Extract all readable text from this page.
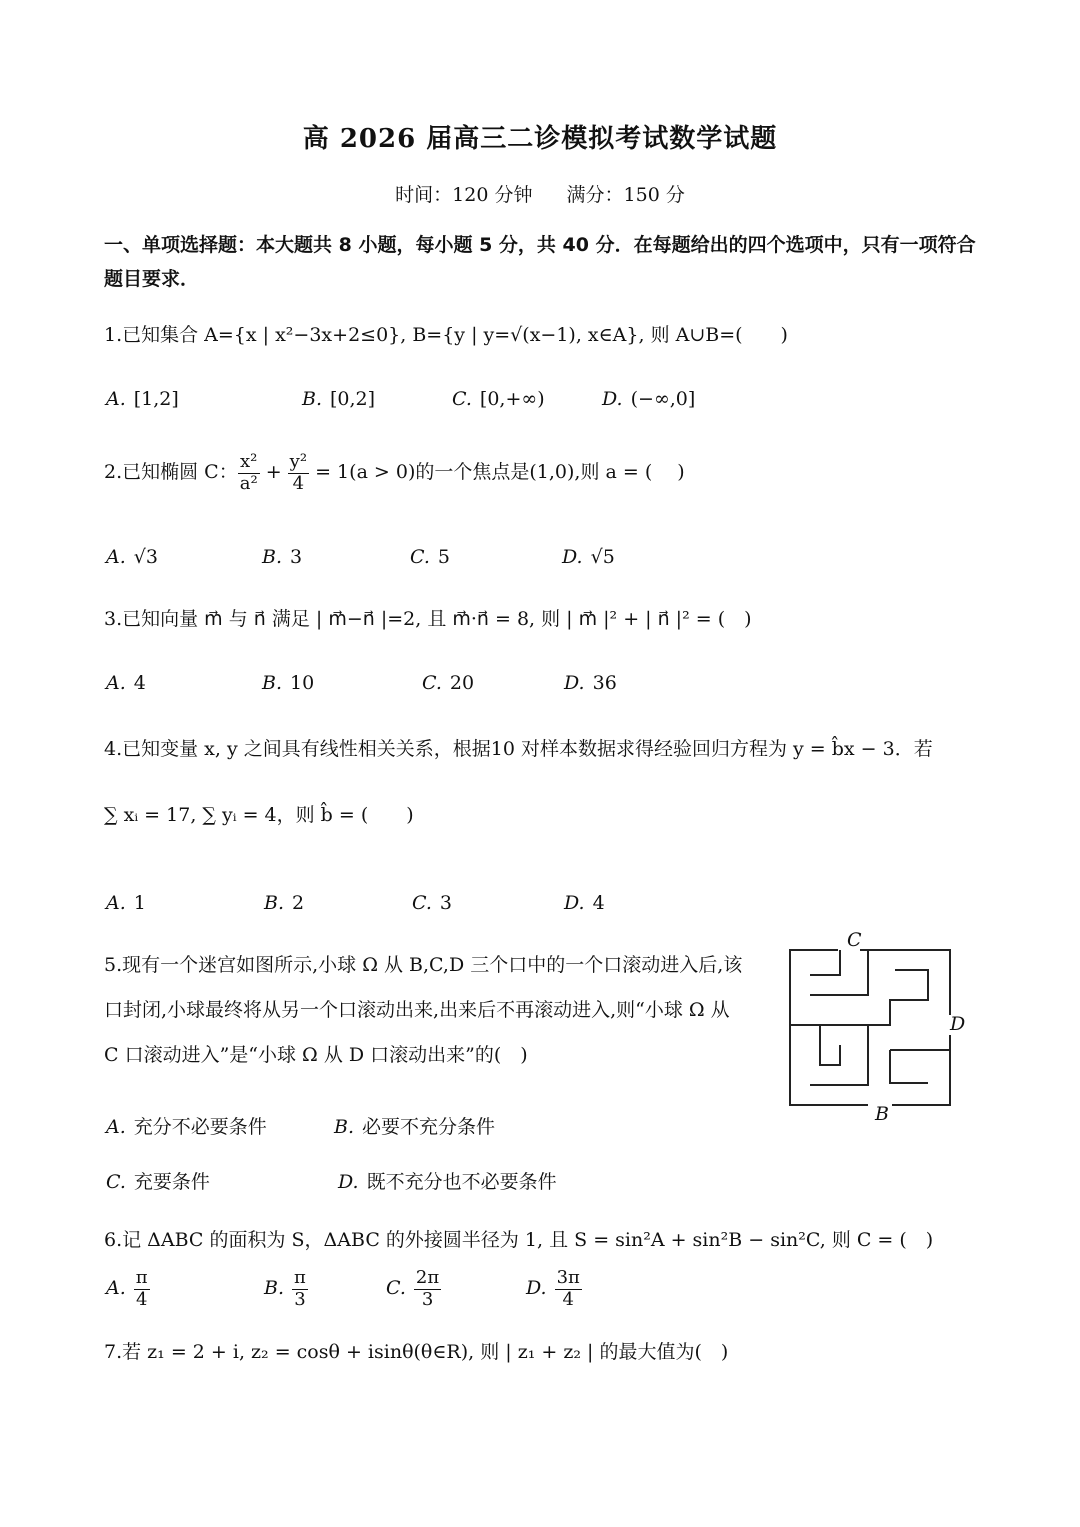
高 2026 届高三二诊模拟考试数学试题
时间：120 分钟 满分：150 分
一、单项选择题：本大题共 8 小题，每小题 5 分，共 40 分．在每题给出的四个选项中，只有一项符合题目要求．
1.已知集合 A={x | x²−3x+2≤0}, B={y | y=√(x−1), x∈A}, 则 A∪B=(　　)
A. [1,2]	B. [0,2]	C. [0,+∞)	D. (−∞,0]
2.已知椭圆 C： $\frac{\text{x²}}{\text{a²}} + \frac{\text{y²}}{4} = 1(a > 0)$的一个焦点是(1,0),则 a = (　 )
A. √3	B. 3	C. 5	D. √5
3.已知向量 m⃗ 与 n⃗ 满足 | m⃗−n⃗ |=2, 且 m⃗·n⃗ = 8, 则 | m⃗ |² + | n⃗ |² = (　)
A. 4	B. 10	C. 20	D. 36
4.已知变量 x, y 之间具有线性相关关系，根据10 对样本数据求得经验回归方程为 y = b̂x − 3．若
∑ xᵢ = 17, ∑ yᵢ = 4，则 b̂ = (　　)
A. 1	B. 2	C. 3	D. 4
5.现有一个迷宫如图所示,小球 Ω 从 B,C,D 三个口中的一个口滚动进入后,该
口封闭,小球最终将从另一个口滚动出来,出来后不再滚动进入,则“小球 Ω 从
C 口滚动进入”是“小球 Ω 从 D 口滚动出来”的(　)
C
D
B
A. 充分不必要条件	B. 必要不充分条件
C. 充要条件	D. 既不充分也不必要条件
6.记 ΔABC 的面积为 S，ΔABC 的外接圆半径为 1, 且 S = sin²A + sin²B − sin²C, 则 C = (　)
A. $\frac{\pi}{4}$	B. $\frac{\pi}{3}$	C. $\frac{2\pi}{3}$	D. $\frac{3\pi}{4}$
7.若 z₁ = 2 + i, z₂ = cosθ + isinθ(θ∈R), 则 | z₁ + z₂ | 的最大值为(　)
